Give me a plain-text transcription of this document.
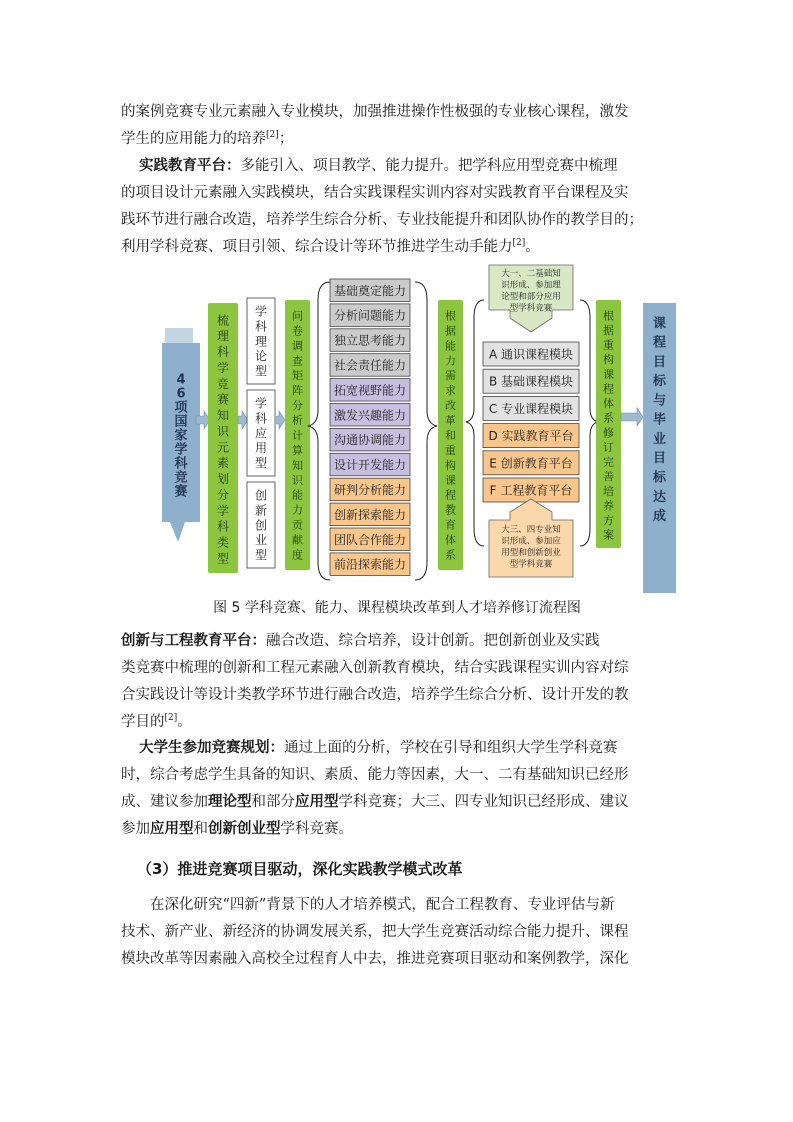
的案例竞赛专业元素融入专业模块，加强推进操作性极强的专业核心课程，激发
学生的应用能力的培养[2]；

实践教育平台：多能引入、项目教学、能力提升。把学科应用型竞赛中梳理
的项目设计元素融入实践模块，结合实践课程实训内容对实践教育平台课程及实
践环节进行融合改造，培养学生综合分析、专业技能提升和团队协作的教学目的；
利用学科竞赛、项目引领、综合设计等环节推进学生动手能力[2]。

4
6
项
国
家
学
科
竞
赛
梳
理
科
学
竞
赛
知
识
元
素
划
分
学
科
类
型
学
科
理
论
型
学
科
应
用
型
创
新
创
业
型
问
卷
调
查
矩
阵
分
析
计
算
知
识
能
力
贡
献
度
基础奠定能力
分析问题能力
独立思考能力
社会责任能力
拓宽视野能力
激发兴趣能力
沟通协调能力
设计开发能力
研判分析能力
创新探索能力
团队合作能力
前沿探索能力
根
据
能
力
需
求
改
革
和
重
构
课
程
教
育
体
系
大一、二基础知
识形成、参加理
论型和部分应用
型学科竞赛
A 通识课程模块
B 基础课程模块
C 专业课程模块
D 实践教育平台
E 创新教育平台
F 工程教育平台
大三、四专业知
识形成、参加应
用型和创新创业
型学科竞赛
根
据
重
构
课
程
体
系
修
订
完
善
培
养
方
案
课
程
目
标
与
毕
业
目
标
达
成
图 5 学科竞赛、能力、课程模块改革到人才培养修订流程图

创新与工程教育平台：融合改造、综合培养，设计创新。把创新创业及实践
类竞赛中梳理的创新和工程元素融入创新教育模块，结合实践课程实训内容对综
合实践设计等设计类教学环节进行融合改造，培养学生综合分析、设计开发的教
学目的[2]。

大学生参加竞赛规划：通过上面的分析，学校在引导和组织大学生学科竞赛
时，综合考虑学生具备的知识、素质、能力等因素，大一、二有基础知识已经形
成、建议参加理论型和部分应用型学科竞赛；大三、四专业知识已经形成、建议
参加应用型和创新创业型学科竞赛。

（3）推进竞赛项目驱动，深化实践教学模式改革

在深化研究“四新”背景下的人才培养模式，配合工程教育、专业评估与新
技术、新产业、新经济的协调发展关系，把大学生竞赛活动综合能力提升、课程
模块改革等因素融入高校全过程育人中去，推进竞赛项目驱动和案例教学，深化
